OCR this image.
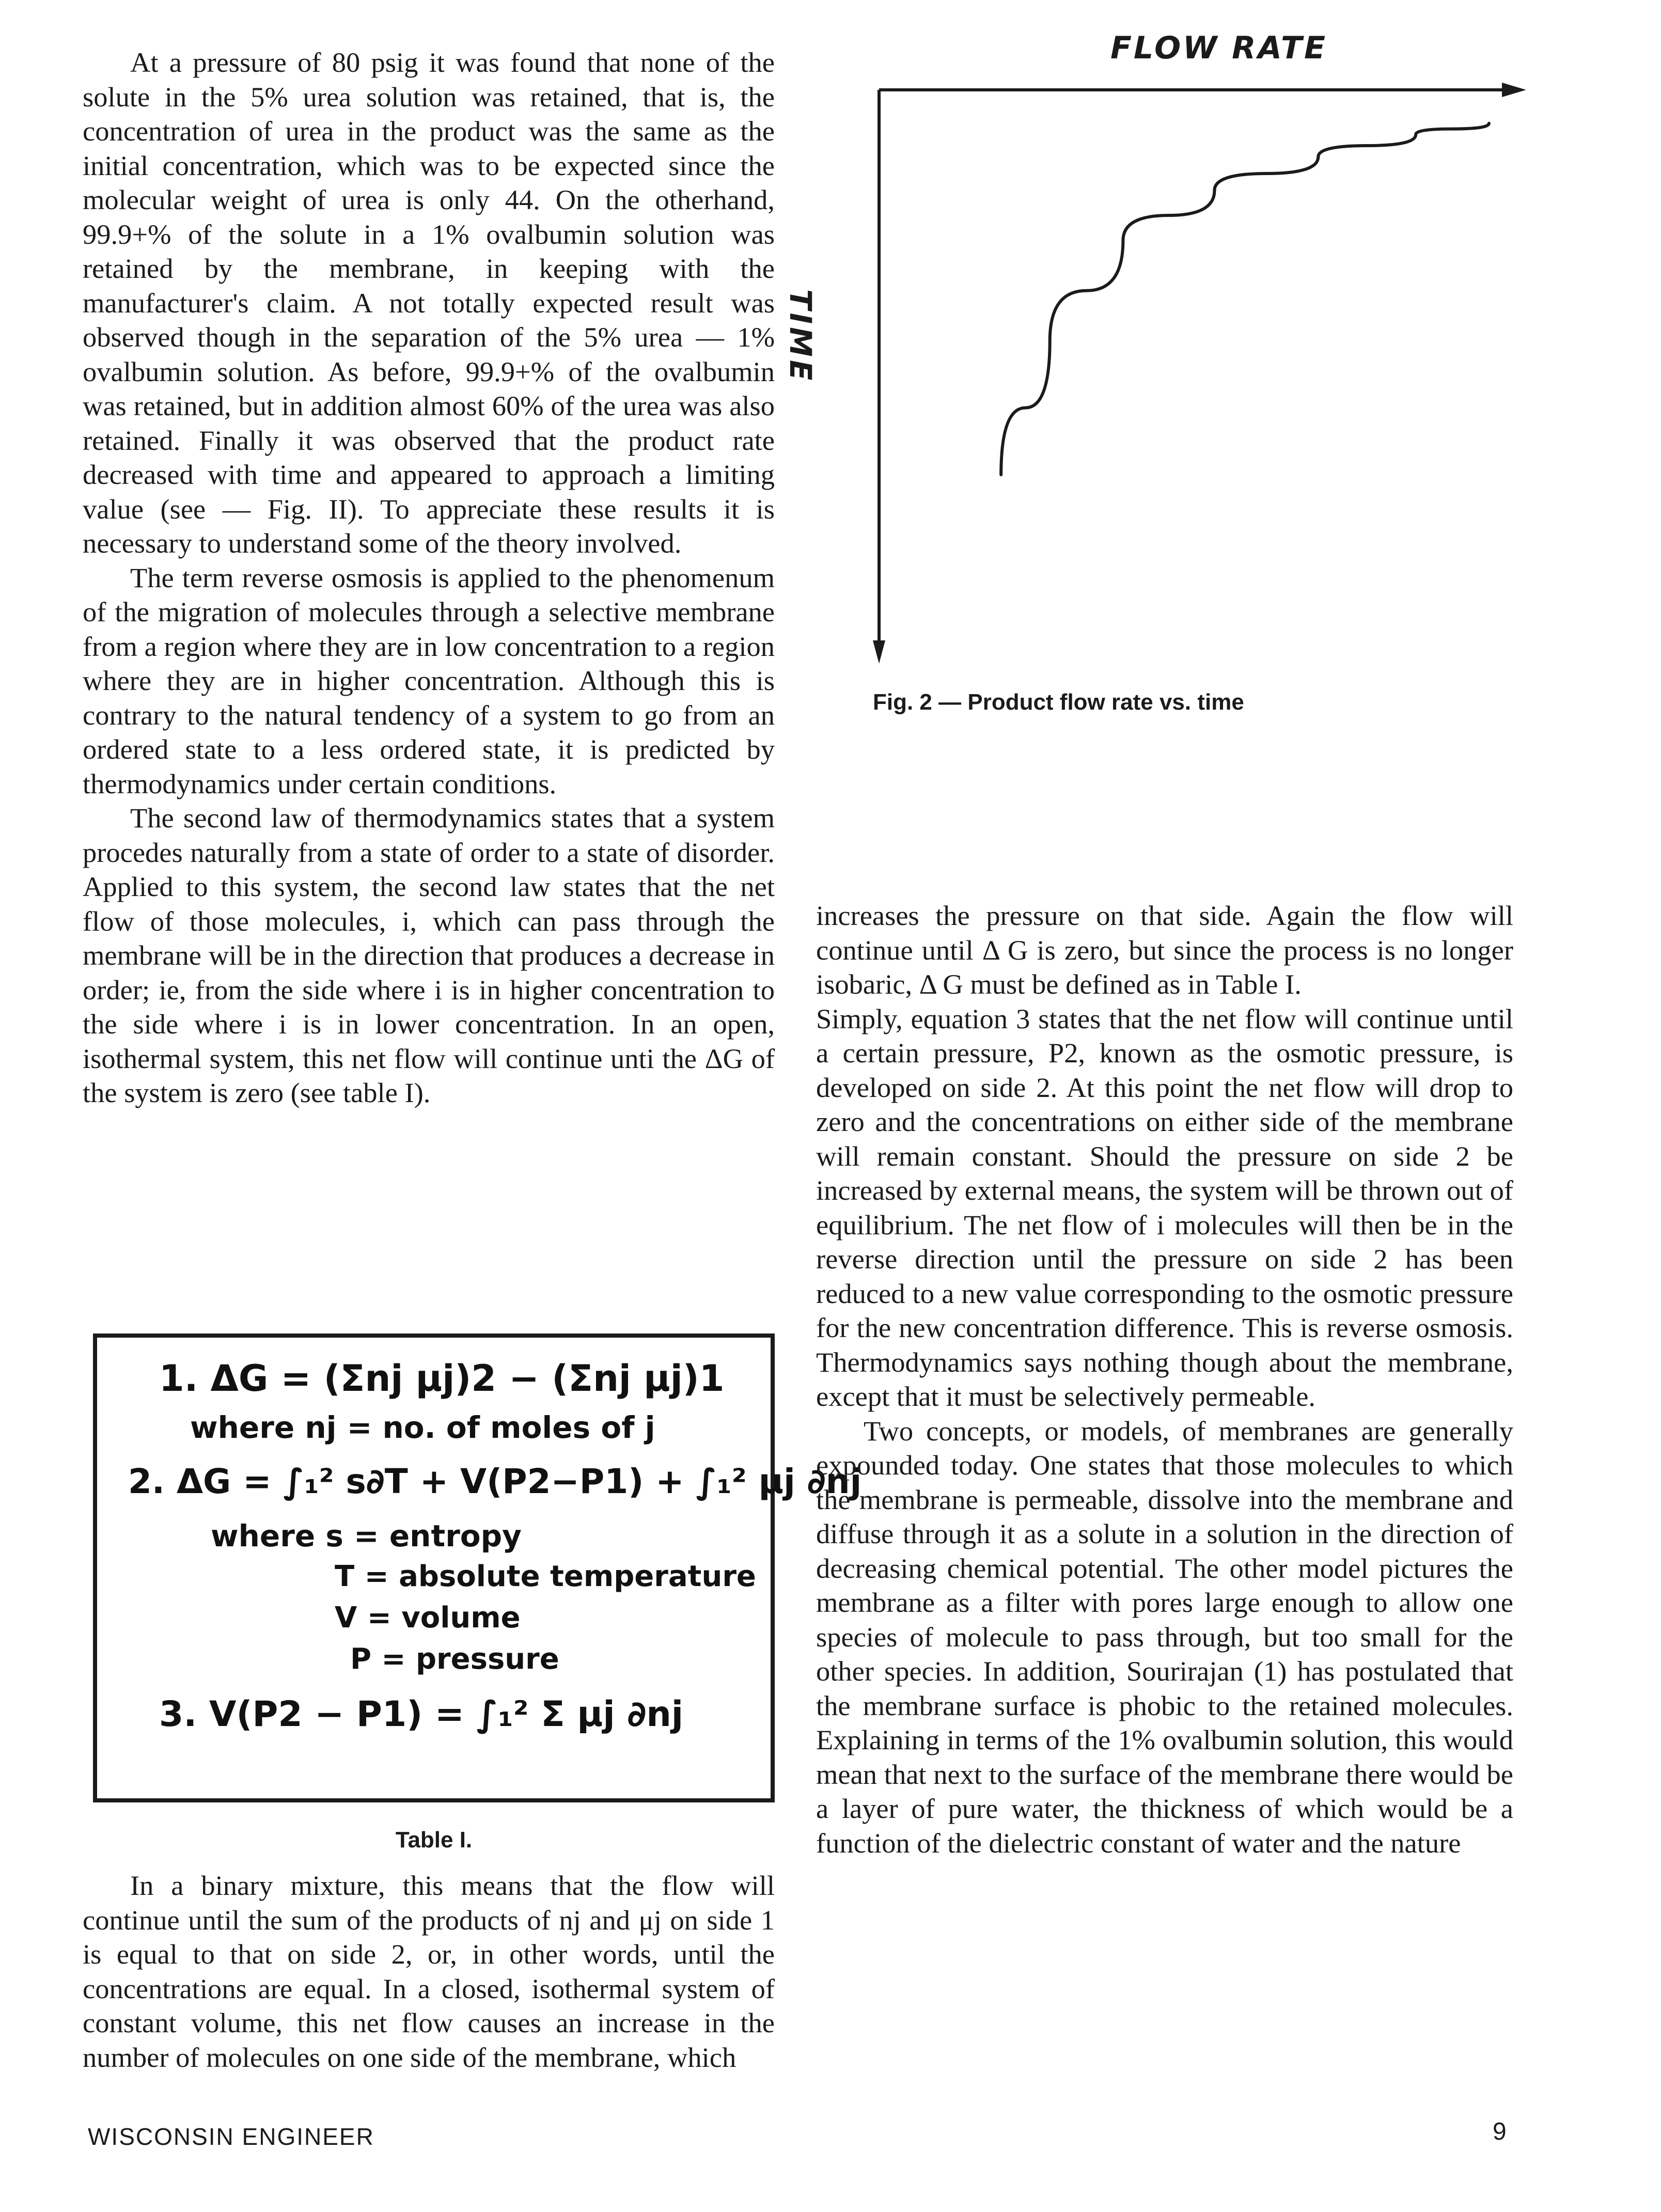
At a pressure of 80 psig it was found that none of the solute in the 5% urea solution was retained, that is, the concentration of urea in the product was the same as the initial concentration, which was to be expected since the molecular weight of urea is only 44. On the otherhand, 99.9+% of the solute in a 1% ovalbumin solution was retained by the membrane, in keeping with the manufacturer's claim. A not totally expected result was observed though in the separation of the 5% urea — 1% ovalbumin solution. As before, 99.9+% of the ovalbumin was retained, but in addition almost 60% of the urea was also retained. Finally it was observed that the product rate decreased with time and appeared to approach a limiting value (see — Fig. II). To appreciate these results it is necessary to understand some of the theory involved.

The term reverse osmosis is applied to the phenomenum of the migration of molecules through a selective membrane from a region where they are in low concentration to a region where they are in higher concentration. Although this is contrary to the natural tendency of a system to go from an ordered state to a less ordered state, it is predicted by thermodynamics under certain conditions.

The second law of thermodynamics states that a system procedes naturally from a state of order to a state of disorder. Applied to this system, the second law states that the net flow of those molecules, i, which can pass through the membrane will be in the direction that produces a decrease in order; ie, from the side where i is in higher concentration to the side where i is in lower concentration. In an open, isothermal system, this net flow will continue unti the ΔG of the system is zero (see table I).

1. ΔG = (Σnj μj)2 − (Σnj μj)1

where nj = no. of moles of j

2. ΔG = ∫₁² s∂T + V(P2−P1) + ∫₁² μj ∂nj

where s = entropy

T = absolute temperature

V = volume

P = pressure

3. V(P2 − P1) = ∫₁² Σ μj ∂nj

Table I.

In a binary mixture, this means that the flow will continue until the sum of the products of nj and μj on side 1 is equal to that on side 2, or, in other words, until the concentrations are equal. In a closed, isothermal system of constant volume, this net flow causes an increase in the number of molecules on one side of the membrane, which

FLOW RATE

TIME

Fig. 2 — Product flow rate vs. time

increases the pressure on that side. Again the flow will continue until Δ G is zero, but since the process is no longer isobaric, Δ G must be defined as in Table I.

Simply, equation 3 states that the net flow will continue until a certain pressure, P2, known as the osmotic pressure, is developed on side 2. At this point the net flow will drop to zero and the concentrations on either side of the membrane will remain constant. Should the pressure on side 2 be increased by external means, the system will be thrown out of equilibrium. The net flow of i molecules will then be in the reverse direction until the pressure on side 2 has been reduced to a new value corresponding to the osmotic pressure for the new concentration difference. This is reverse osmosis. Thermodynamics says nothing though about the membrane, except that it must be selectively permeable.

Two concepts, or models, of membranes are generally expounded today. One states that those molecules to which the membrane is permeable, dissolve into the membrane and diffuse through it as a solute in a solution in the direction of decreasing chemical potential. The other model pictures the membrane as a filter with pores large enough to allow one species of molecule to pass through, but too small for the other species. In addition, Sourirajan (1) has postulated that the membrane surface is phobic to the retained molecules. Explaining in terms of the 1% ovalbumin solution, this would mean that next to the surface of the membrane there would be a layer of pure water, the thickness of which would be a function of the dielectric constant of water and the nature

WISCONSIN ENGINEER	9
